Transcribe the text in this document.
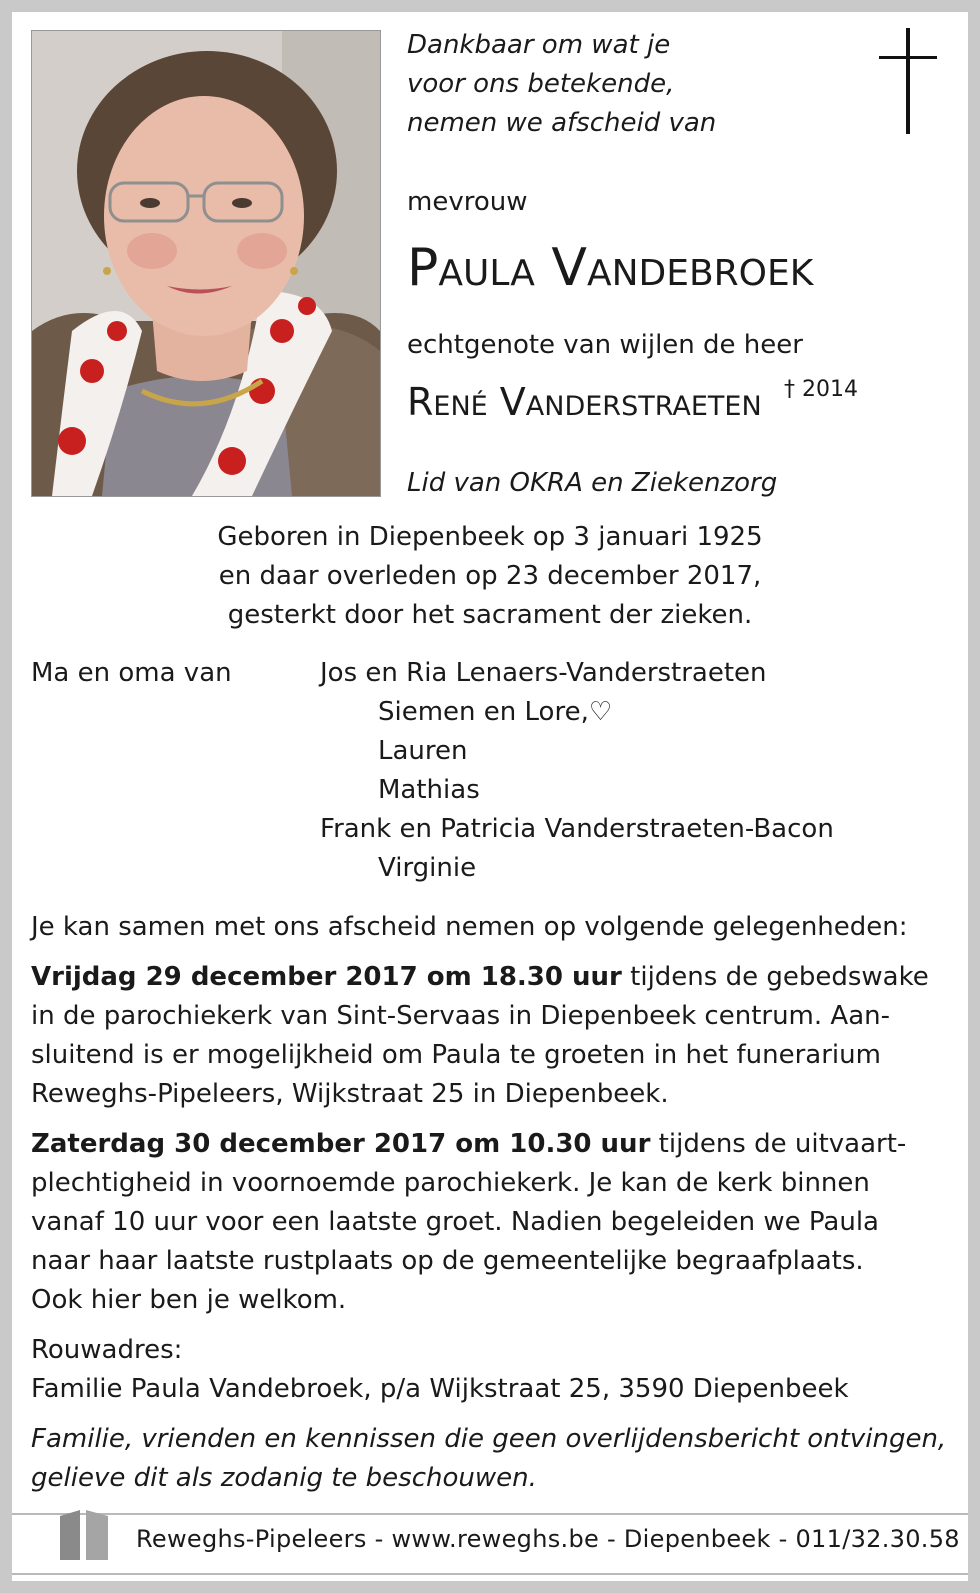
Dankbaar om wat je
voor ons betekende,
nemen we afscheid van
mevrouw
Paula Vandebroek
echtgenote van wijlen de heer
René Vanderstraeten † 2014
Lid van OKRA en Ziekenzorg
Geboren in Diepenbeek op 3 januari 1925
en daar overleden op 23 december 2017,
gesterkt door het sacrament der zieken.
Ma en oma van	Jos en Ria Lenaers-Vanderstraeten
Siemen en Lore,♡
Lauren
Mathias
Frank en Patricia Vanderstraeten-Bacon
Virginie
Je kan samen met ons afscheid nemen op volgende gelegenheden:
Vrijdag 29 december 2017 om 18.30 uur tijdens de gebedswake
in de parochiekerk van Sint-Servaas in Diepenbeek centrum. Aan-
sluitend is er mogelijkheid om Paula te groeten in het funerarium
Reweghs-Pipeleers, Wijkstraat 25 in Diepenbeek.
Zaterdag 30 december 2017 om 10.30 uur tijdens de uitvaart-
plechtigheid in voornoemde parochiekerk. Je kan de kerk binnen
vanaf 10 uur voor een laatste groet. Nadien begeleiden we Paula
naar haar laatste rustplaats op de gemeentelijke begraafplaats.
Ook hier ben je welkom.
Rouwadres:
Familie Paula Vandebroek, p/a Wijkstraat 25, 3590 Diepenbeek
Familie, vrienden en kennissen die geen overlijdensbericht ontvingen,
gelieve dit als zodanig te beschouwen.
Reweghs-Pipeleers - www.reweghs.be - Diepenbeek - 011/32.30.58
